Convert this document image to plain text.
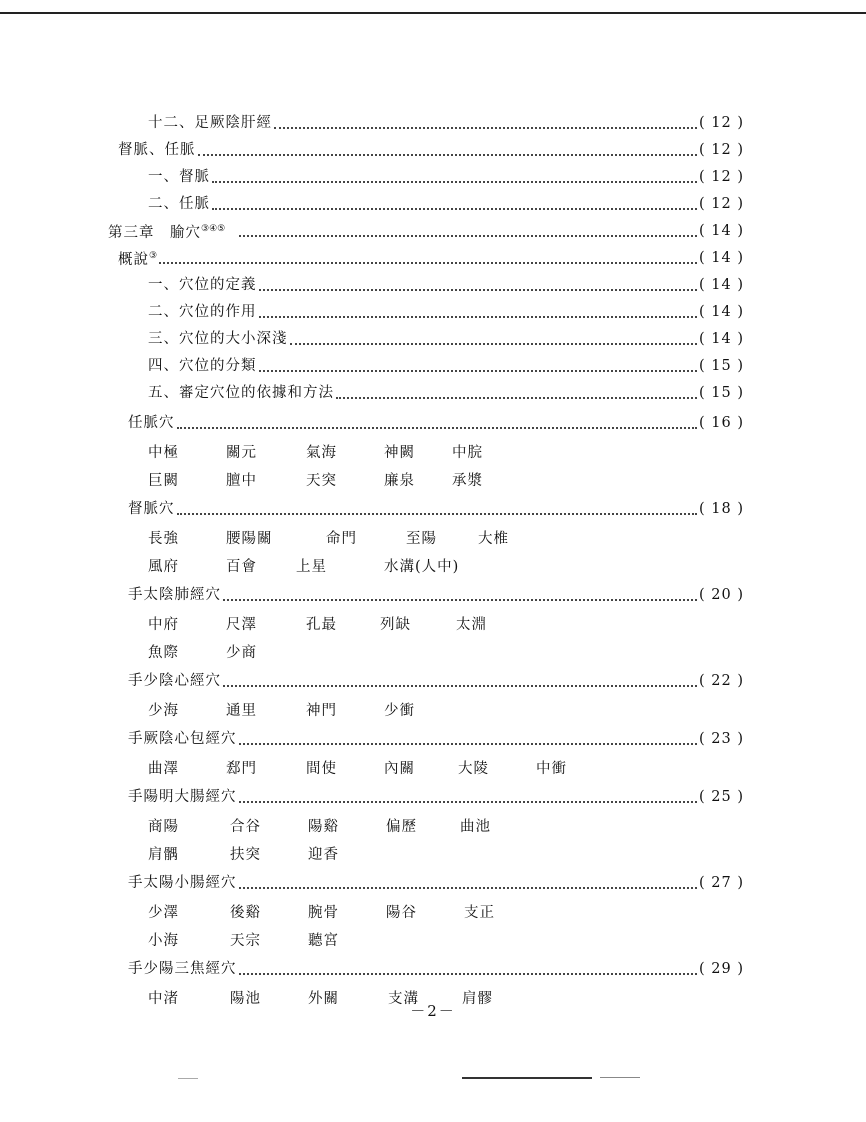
十二、足厥陰肝經	( 12 )
督脈、任脈	( 12 )
一、督脈	( 12 )
二、任脈	( 12 )
第三章　腧穴③④⑤	( 14 )
概說③	( 14 )
一、穴位的定義	( 14 )
二、穴位的作用	( 14 )
三、穴位的大小深淺	( 14 )
四、穴位的分類	( 15 )
五、審定穴位的依據和方法	( 15 )
任脈穴	( 16 )
中極	關元	氣海	神闕	中脘
巨闕	膻中	天突	廉泉	承漿
督脈穴	( 18 )
長強	腰陽關	命門	至陽	大椎
風府	百會	上星	水溝(人中)
手太陰肺經穴	( 20 )
中府	尺澤	孔最	列缺	太淵
魚際	少商
手少陰心經穴	( 22 )
少海	通里	神門	少衝
手厥陰心包經穴	( 23 )
曲澤	郄門	間使	內關	大陵	中衝
手陽明大腸經穴	( 25 )
商陽	合谷	陽谿	偏歷	曲池
肩髃	扶突	迎香
手太陽小腸經穴	( 27 )
少澤	後谿	腕骨	陽谷	支正
小海	天宗	聽宮
手少陽三焦經穴	( 29 )
中渚	陽池	外關	支溝	肩髎
－2－
